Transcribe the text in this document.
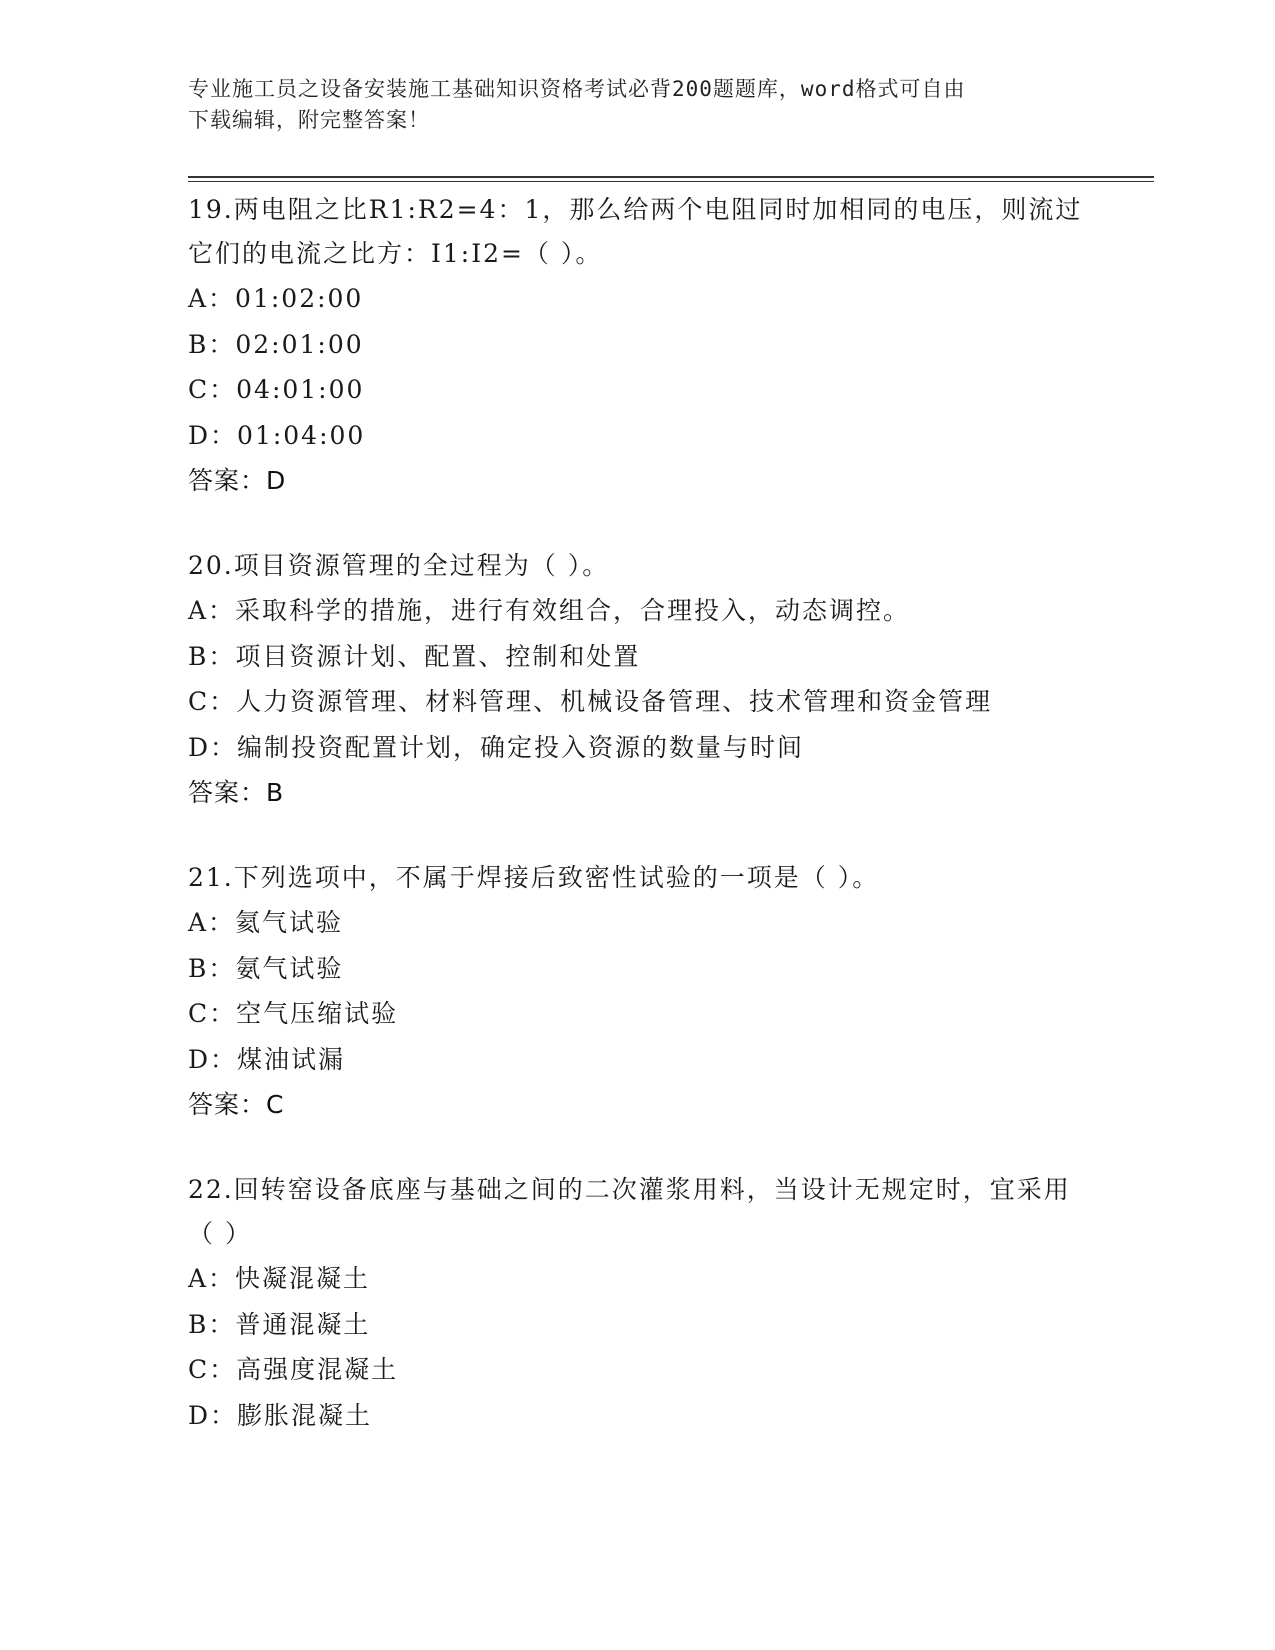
专业施工员之设备安装施工基础知识资格考试必背200题题库，word格式可自由
下载编辑，附完整答案！
19.两电阻之比R1:R2=4：1，那么给两个电阻同时加相同的电压，则流过它们的电流之比方：I1:I2=（ ）。
A：01:02:00
B：02:01:00
C：04:01:00
D：01:04:00
答案：D
20.项目资源管理的全过程为（ ）。
A：采取科学的措施，进行有效组合，合理投入，动态调控。
B：项目资源计划、配置、控制和处置
C：人力资源管理、材料管理、机械设备管理、技术管理和资金管理
D：编制投资配置计划，确定投入资源的数量与时间
答案：B
21.下列选项中，不属于焊接后致密性试验的一项是（ ）。
A：氦气试验
B：氨气试验
C：空气压缩试验
D：煤油试漏
答案：C
22.回转窑设备底座与基础之间的二次灌浆用料，当设计无规定时，宜采用（ ）
A：快凝混凝土
B：普通混凝土
C：高强度混凝土
D：膨胀混凝土
